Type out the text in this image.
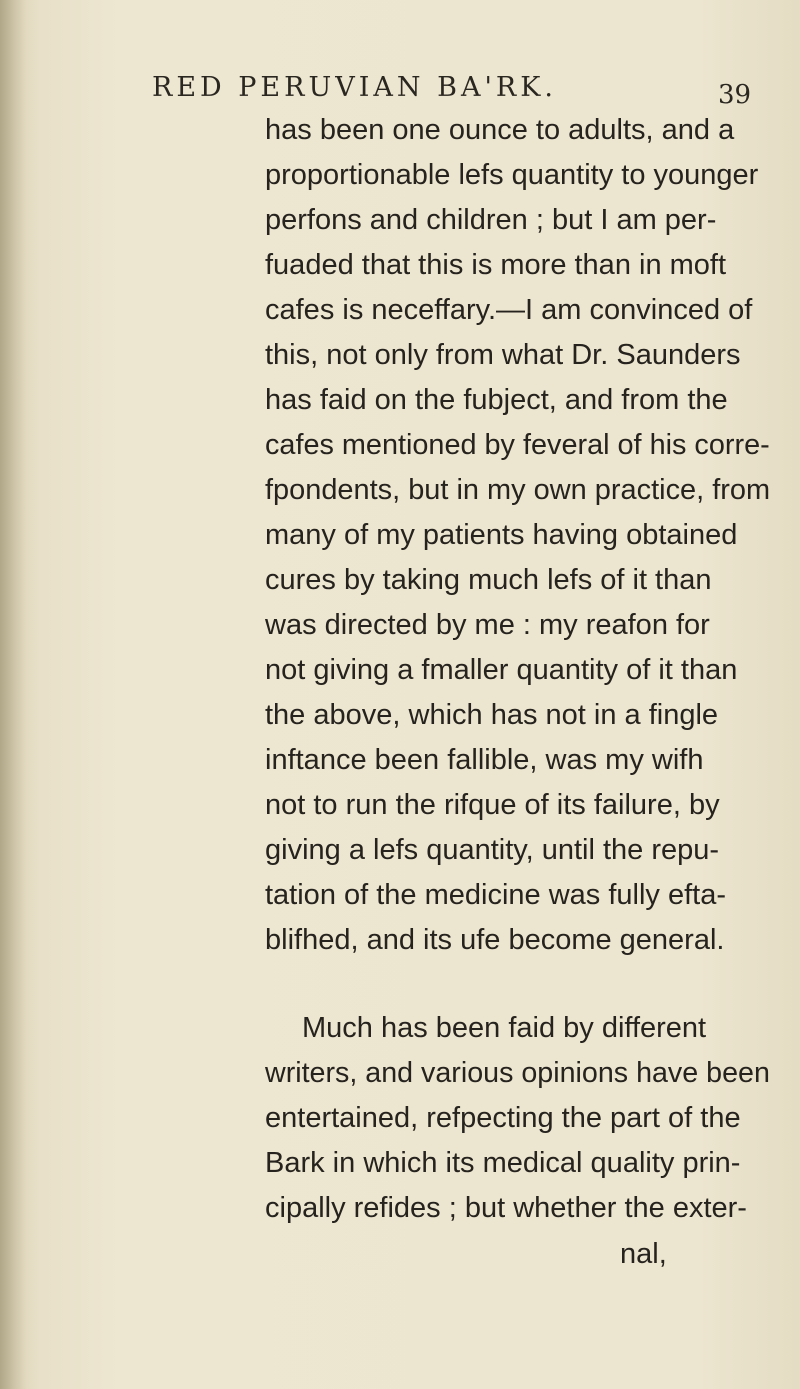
RED PERUVIAN BA'RK.	39
has been one ounce to adults, and a
proportionable lefs quantity to younger
perfons and children ; but I am per-
fuaded that this is more than in moft
cafes is neceffary.—I am convinced of
this, not only from what Dr. Saunders
has faid on the fubject, and from the
cafes mentioned by feveral of his corre-
fpondents, but in my own practice, from
many of my patients having obtained
cures by taking much lefs of it than
was directed by me : my reafon for
not giving a fmaller quantity of it than
the above, which has not in a fingle
inftance been fallible, was my wifh
not to run the rifque of its failure, by
giving a lefs quantity, until the repu-
tation of the medicine was fully efta-
blifhed, and its ufe become general.
Much has been faid by different
writers, and various opinions have been
entertained, refpecting the part of the
Bark in which its medical quality prin-
cipally refides ; but whether the exter-
nal,
